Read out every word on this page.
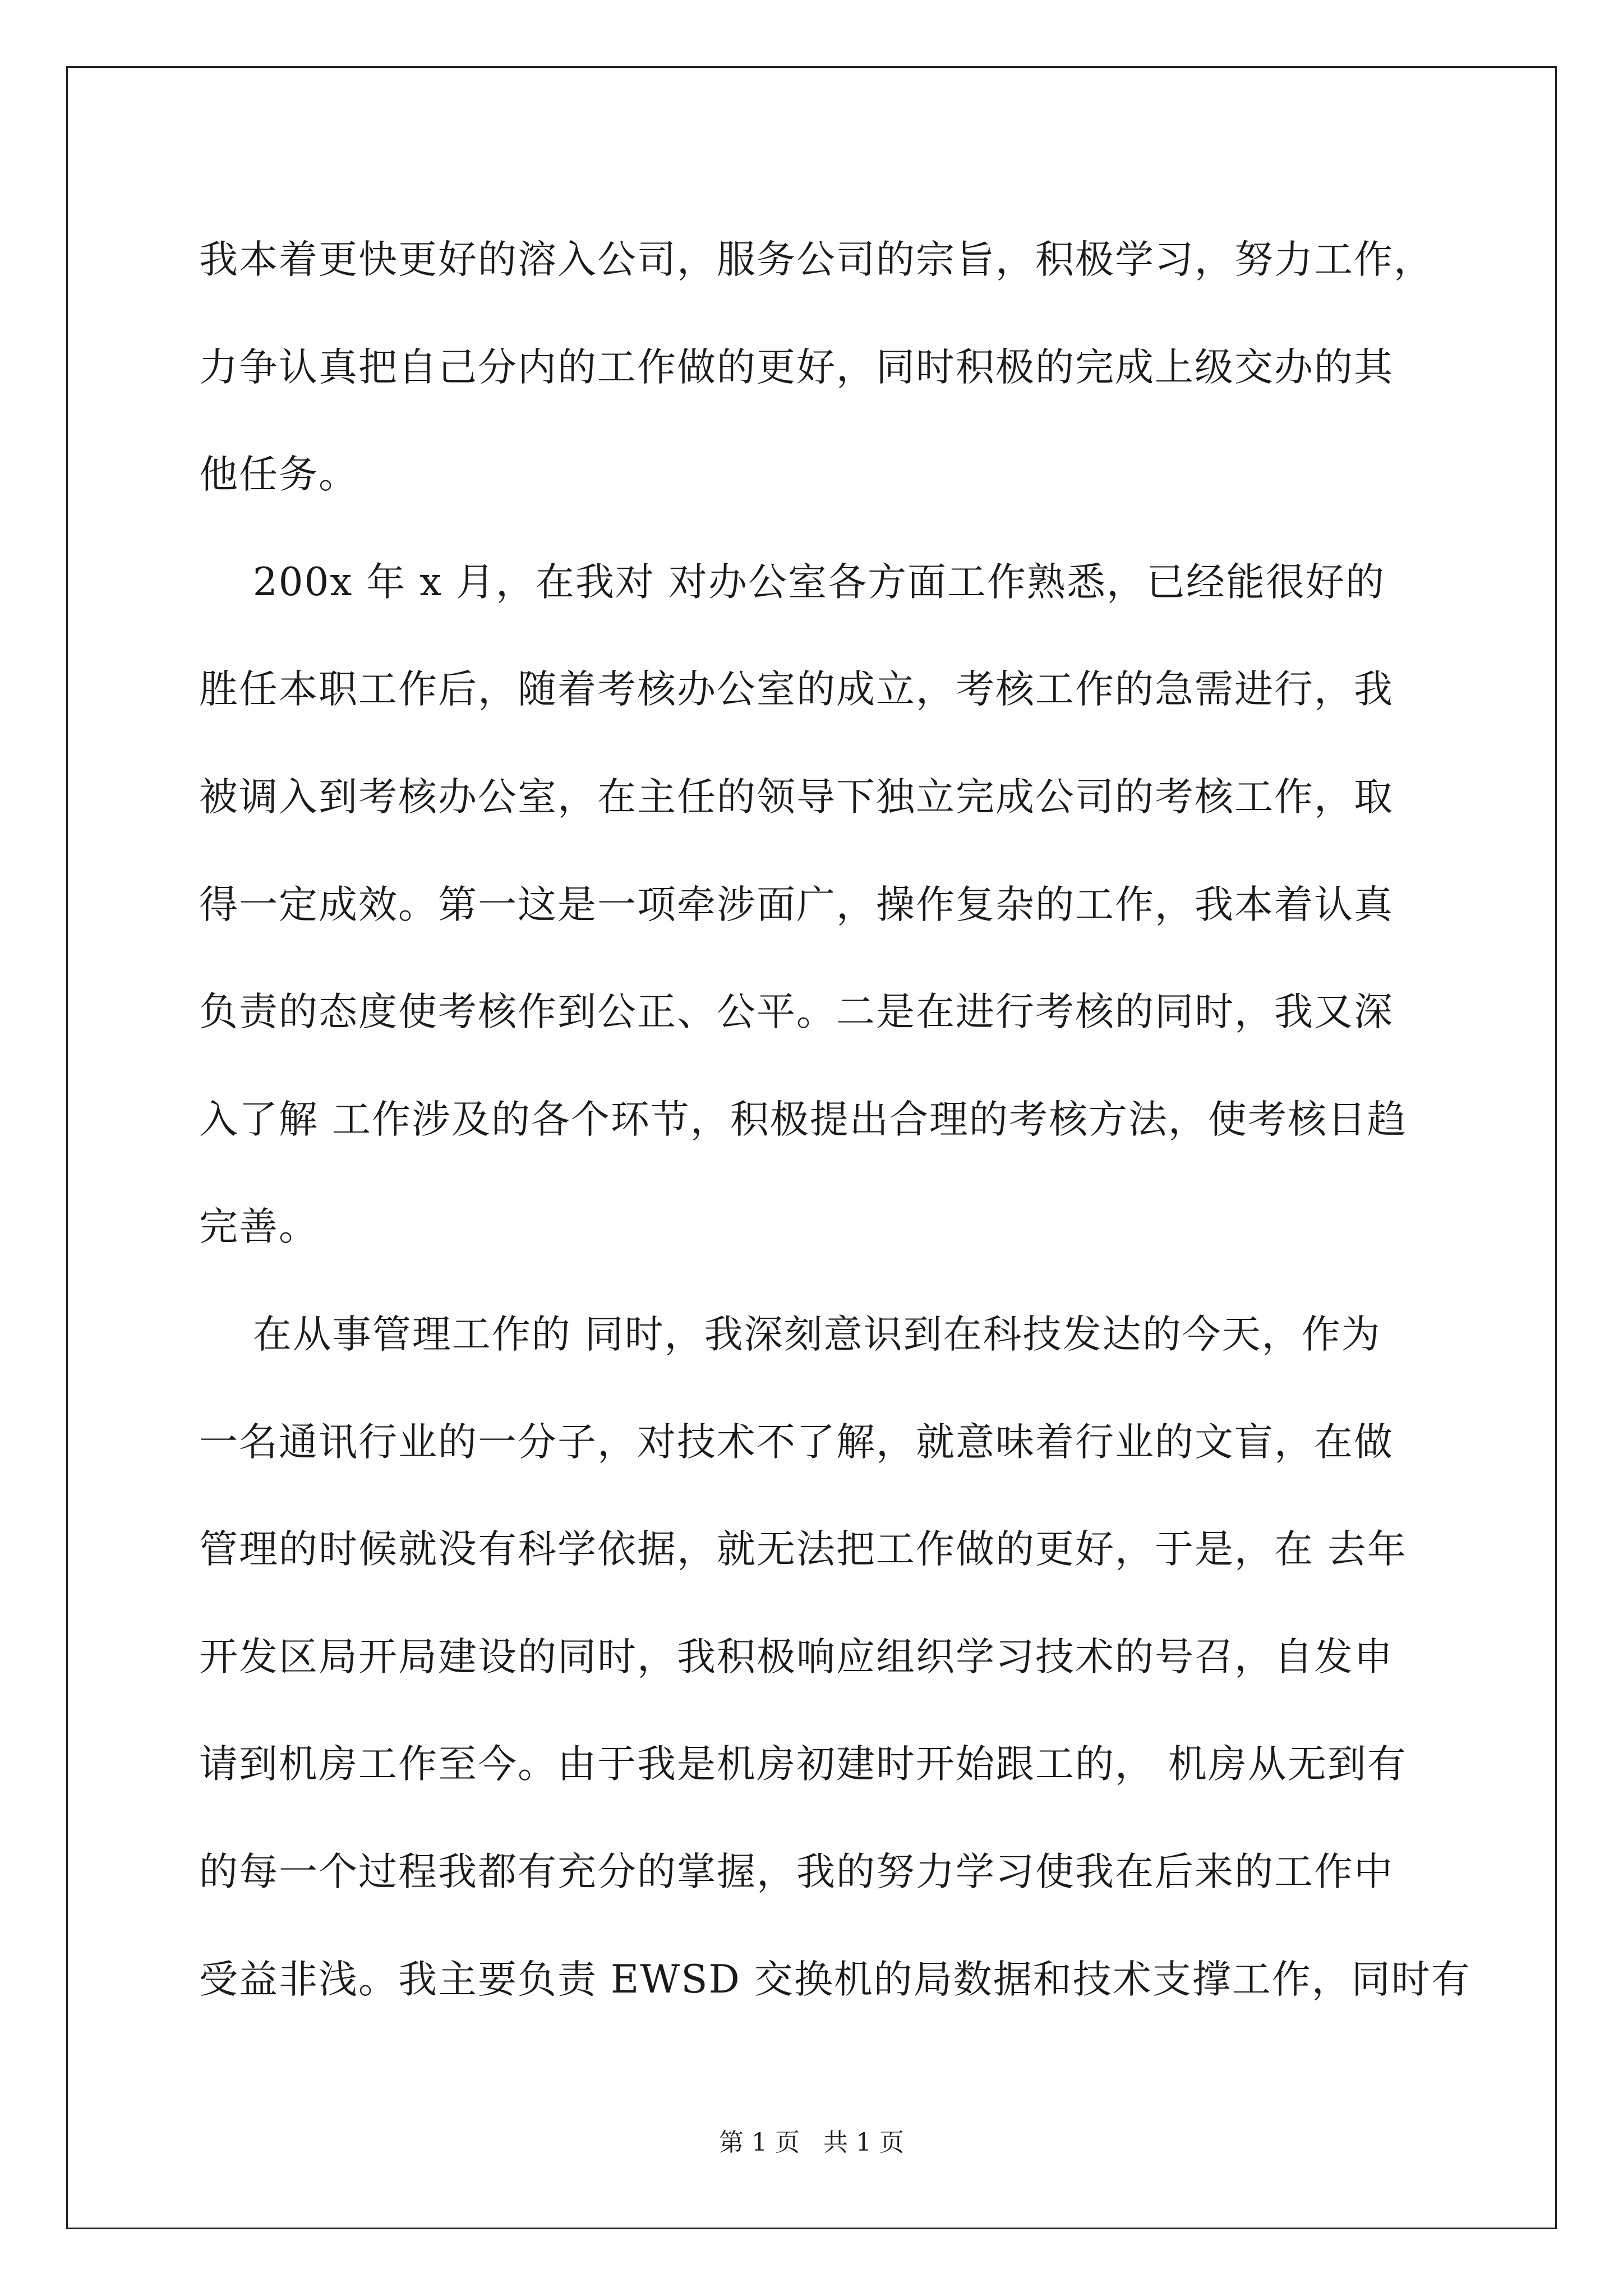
我本着更快更好的溶入公司，服务公司的宗旨，积极学习，努力工作，
力争认真把自己分内的工作做的更好，同时积极的完成上级交办的其
他任务。
200x 年 x 月，在我对 对办公室各方面工作熟悉，已经能很好的
胜任本职工作后，随着考核办公室的成立，考核工作的急需进行，我
被调入到考核办公室，在主任的领导下独立完成公司的考核工作，取
得一定成效。第一这是一项牵涉面广，操作复杂的工作，我本着认真
负责的态度使考核作到公正、公平。二是在进行考核的同时，我又深
入了解 工作涉及的各个环节，积极提出合理的考核方法，使考核日趋
完善。
在从事管理工作的 同时，我深刻意识到在科技发达的今天，作为
一名通讯行业的一分子，对技术不了解，就意味着行业的文盲，在做
管理的时候就没有科学依据，就无法把工作做的更好，于是，在 去年
开发区局开局建设的同时，我积极响应组织学习技术的号召，自发申
请到机房工作至今。由于我是机房初建时开始跟工的， 机房从无到有
的每一个过程我都有充分的掌握，我的努力学习使我在后来的工作中
受益非浅。我主要负责 EWSD 交换机的局数据和技术支撑工作，同时有
第 1 页   共 1 页
